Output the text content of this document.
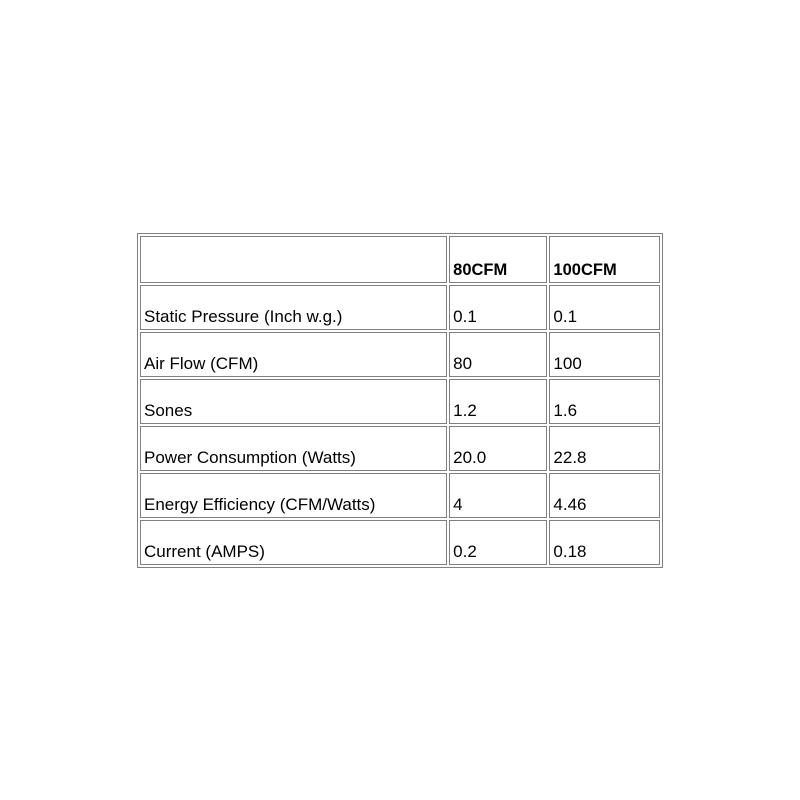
	80CFM	100CFM
Static Pressure (Inch w.g.)	0.1	0.1
Air Flow (CFM)	80	100
Sones	1.2	1.6
Power Consumption (Watts)	20.0	22.8
Energy Efficiency (CFM/Watts)	4	4.46
Current (AMPS)	0.2	0.18
